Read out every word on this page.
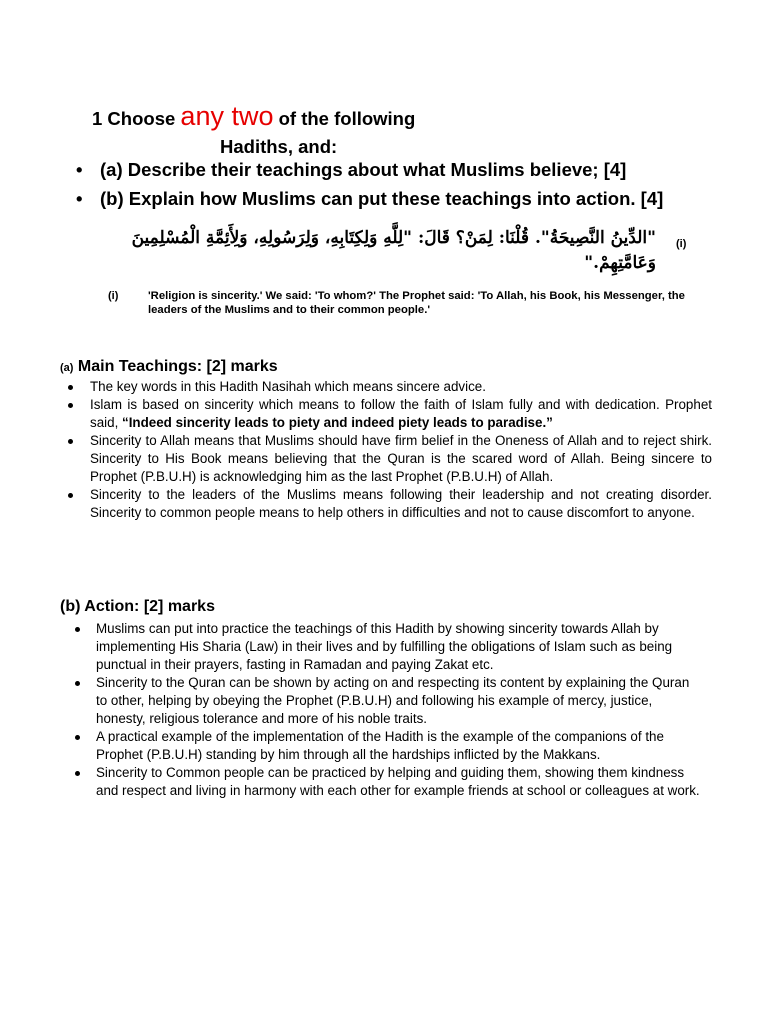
1 Choose any two of the following
Hadiths, and:
• (a) Describe their teachings about what Muslims believe; [4]
• (b) Explain how Muslims can put these teachings into action. [4]
(i)
"الدِّينُ النَّصِيحَةُ". قُلْنَا: لِمَنْ؟ قَالَ: "لِلَّهِ وَلِكِتَابِهِ، وَلِرَسُولِهِ، وَلِأَئِمَّةِ الْمُسْلِمِينَ وَعَامَّتِهِمْ."
(i)	'Religion is sincerity.' We said: 'To whom?' The Prophet said: 'To Allah, his Book, his Messenger, the leaders of the Muslims and to their common people.'
(a) Main Teachings: [2] marks
The key words in this Hadith Nasihah which means sincere advice.
Islam is based on sincerity which means to follow the faith of Islam fully and with dedication. Prophet said, “Indeed sincerity leads to piety and indeed piety leads to paradise.”
Sincerity to Allah means that Muslims should have firm belief in the Oneness of Allah and to reject shirk. Sincerity to His Book means believing that the Quran is the scared word of Allah. Being sincere to Prophet (P.B.U.H) is acknowledging him as the last Prophet (P.B.U.H) of Allah.
Sincerity to the leaders of the Muslims means following their leadership and not creating disorder. Sincerity to common people means to help others in difficulties and not to cause discomfort to anyone.
(b) Action: [2] marks
Muslims can put into practice the teachings of this Hadith by showing sincerity towards Allah by implementing His Sharia (Law) in their lives and by fulfilling the obligations of Islam such as being punctual in their prayers, fasting in Ramadan and paying Zakat etc.
Sincerity to the Quran can be shown by acting on and respecting its content by explaining the Quran to other, helping by obeying the Prophet (P.B.U.H) and following his example of mercy, justice, honesty, religious tolerance and more of his noble traits.
A practical example of the implementation of the Hadith is the example of the companions of the Prophet (P.B.U.H) standing by him through all the hardships inflicted by the Makkans.
Sincerity to Common people can be practiced by helping and guiding them, showing them kindness and respect and living in harmony with each other for example friends at school or colleagues at work.
